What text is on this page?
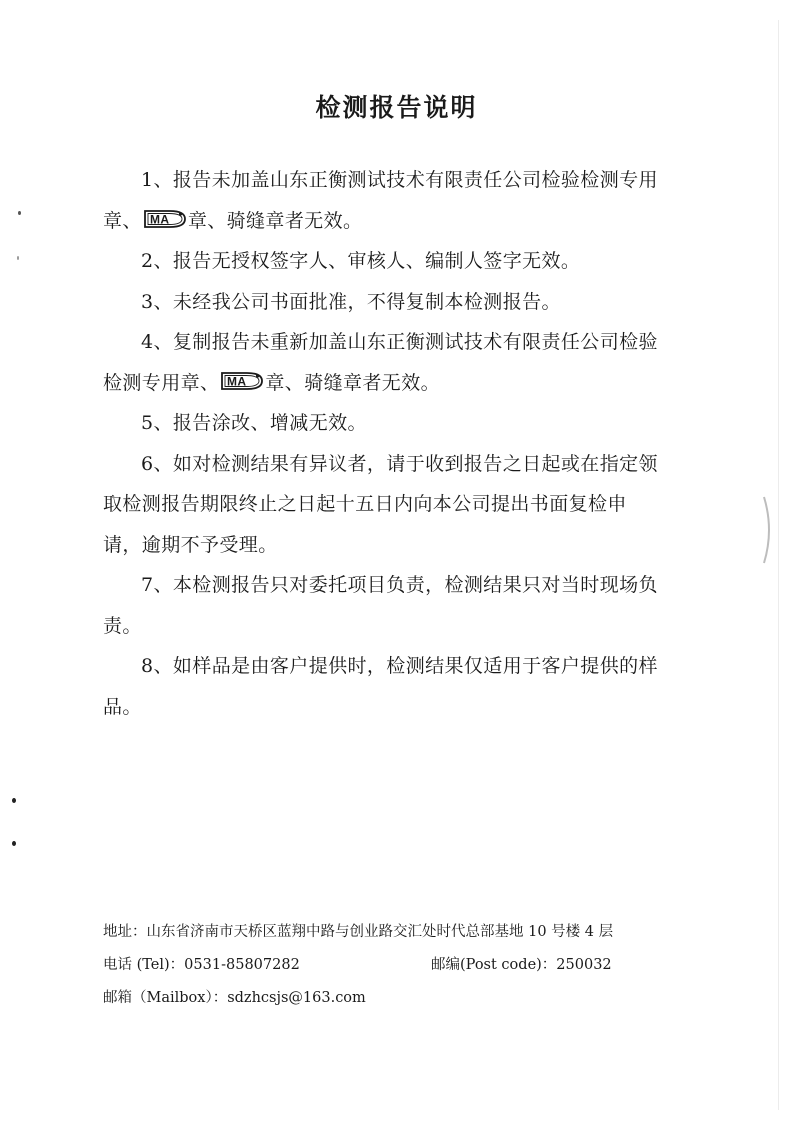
检测报告说明

1、报告未加盖山东正衡测试技术有限责任公司检验检测专用章、 MA 章、骑缝章者无效。

2、报告无授权签字人、审核人、编制人签字无效。

3、未经我公司书面批准，不得复制本检测报告。

4、复制报告未重新加盖山东正衡测试技术有限责任公司检验检测专用章、 MA 章、骑缝章者无效。

5、报告涂改、增减无效。

6、如对检测结果有异议者，请于收到报告之日起或在指定领取检测报告期限终止之日起十五日内向本公司提出书面复检申请，逾期不予受理。

7、本检测报告只对委托项目负责，检测结果只对当时现场负责。

8、如样品是由客户提供时，检测结果仅适用于客户提供的样品。

地址：山东省济南市天桥区蓝翔中路与创业路交汇处时代总部基地 10 号楼 4 层

电话 (Tel)：0531-85807282	邮编(Post code)：250032

邮箱（Mailbox）：sdzhcsjs@163.com
